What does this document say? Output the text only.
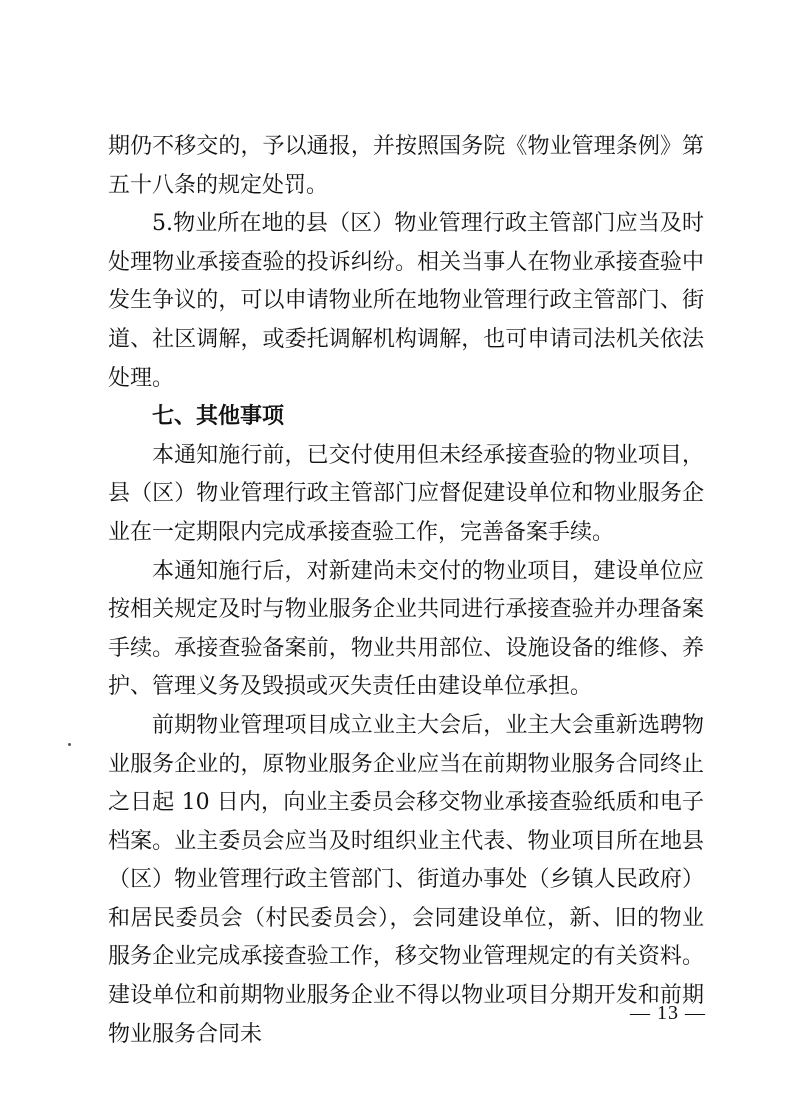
期仍不移交的，予以通报，并按照国务院《物业管理条例》第五十八条的规定处罚。

5.物业所在地的县（区）物业管理行政主管部门应当及时处理物业承接查验的投诉纠纷。相关当事人在物业承接查验中发生争议的，可以申请物业所在地物业管理行政主管部门、街道、社区调解，或委托调解机构调解，也可申请司法机关依法处理。

七、其他事项

本通知施行前，已交付使用但未经承接查验的物业项目，县（区）物业管理行政主管部门应督促建设单位和物业服务企业在一定期限内完成承接查验工作，完善备案手续。

本通知施行后，对新建尚未交付的物业项目，建设单位应按相关规定及时与物业服务企业共同进行承接查验并办理备案手续。承接查验备案前，物业共用部位、设施设备的维修、养护、管理义务及毁损或灭失责任由建设单位承担。

前期物业管理项目成立业主大会后，业主大会重新选聘物业服务企业的，原物业服务企业应当在前期物业服务合同终止之日起 10 日内，向业主委员会移交物业承接查验纸质和电子档案。业主委员会应当及时组织业主代表、物业项目所在地县（区）物业管理行政主管部门、街道办事处（乡镇人民政府）和居民委员会（村民委员会），会同建设单位，新、旧的物业服务企业完成承接查验工作，移交物业管理规定的有关资料。建设单位和前期物业服务企业不得以物业项目分期开发和前期物业服务合同未

— 13 —
